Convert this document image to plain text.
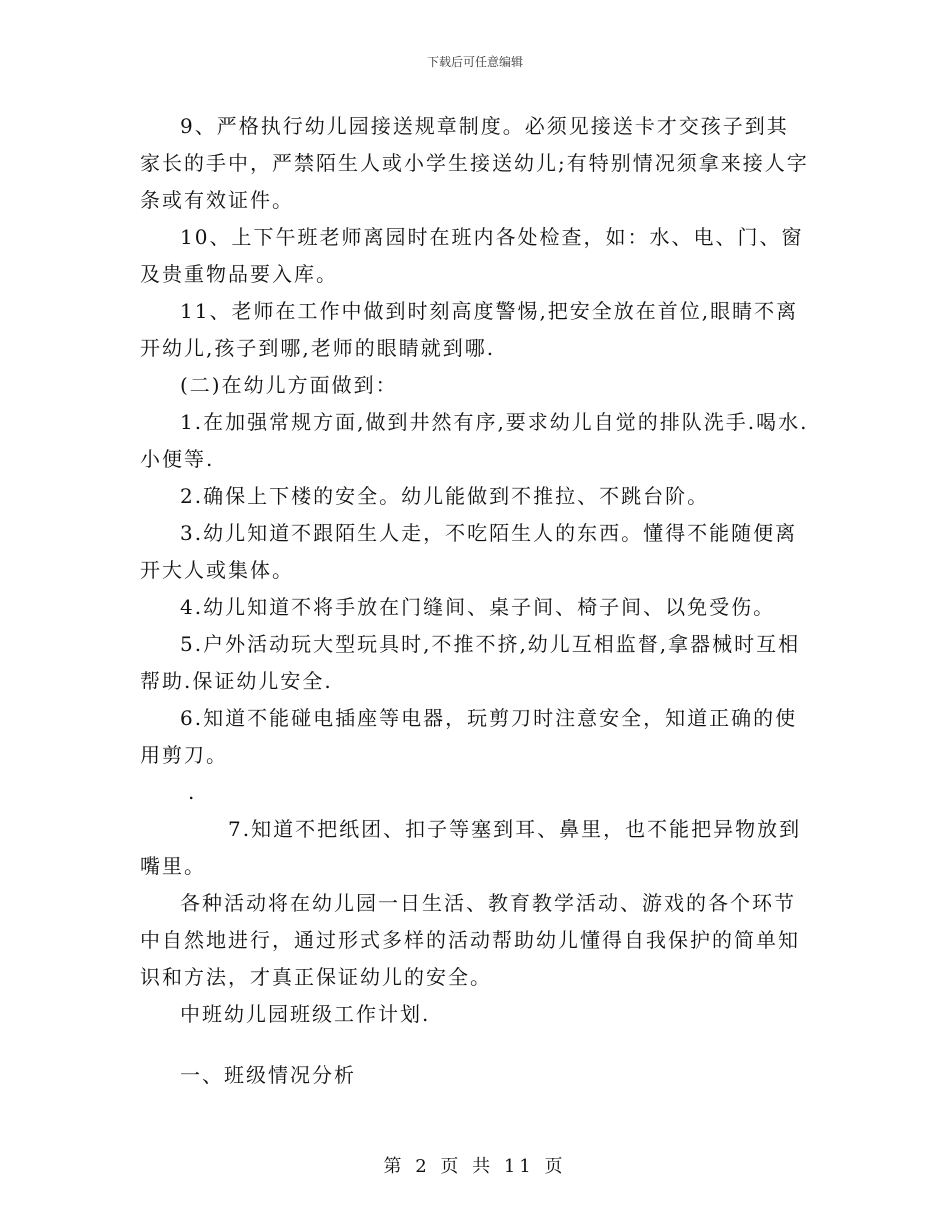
下载后可任意编辑

9、严格执行幼儿园接送规章制度。必须见接送卡才交孩子到其家长的手中，严禁陌生人或小学生接送幼儿;有特别情况须拿来接人字条或有效证件。

10、上下午班老师离园时在班内各处检查，如：水、电、门、窗及贵重物品要入库。

11、老师在工作中做到时刻高度警惕,把安全放在首位,眼睛不离开幼儿,孩子到哪,老师的眼睛就到哪.

(二)在幼儿方面做到：

1.在加强常规方面,做到井然有序,要求幼儿自觉的排队洗手.喝水.小便等.

2.确保上下楼的安全。幼儿能做到不推拉、不跳台阶。

3.幼儿知道不跟陌生人走，不吃陌生人的东西。懂得不能随便离开大人或集体。

4.幼儿知道不将手放在门缝间、桌子间、椅子间、以免受伤。

5.户外活动玩大型玩具时,不推不挤,幼儿互相监督,拿器械时互相帮助.保证幼儿安全.

6.知道不能碰电插座等电器，玩剪刀时注意安全，知道正确的使用剪刀。

.

7.知道不把纸团、扣子等塞到耳、鼻里，也不能把异物放到嘴里。

各种活动将在幼儿园一日生活、教育教学活动、游戏的各个环节中自然地进行，通过形式多样的活动帮助幼儿懂得自我保护的简单知识和方法，才真正保证幼儿的安全。

中班幼儿园班级工作计划.

一、班级情况分析

第 2 页 共 11 页
